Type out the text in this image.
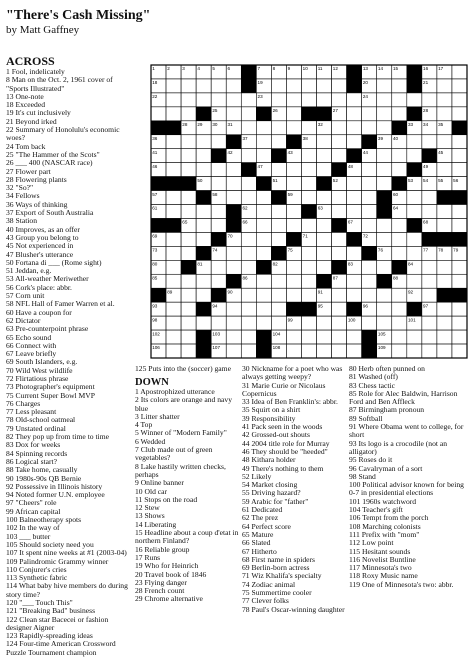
"There's Cash Missing"
by Matt Gaffney
ACROSS
1 Fool, indelicately
8 Man on the Oct. 2, 1961 cover of "Sports Illustrated"
13 One-note
18 Exceeded
19 It's cut inclusively
21 Beyond irked
22 Summary of Honolulu's economic woes?
24 Tom back
25 "The Hammer of the Scots"
26 ___ 400 (NASCAR race)
27 Flower part
28 Flowering plants
32 "So?"
34 Fellows
36 Ways of thinking
37 Export of South Australia
38 Station
40 Improves, as an offer
43 Group you belong to
45 Not experienced in
47 Blusher's utterance
50 Fortana di ___ (Rome sight)
51 Jeddan, e.g.
53 All-weather Meriwether
56 Cork's place: abbr.
57 Corn unit
58 NFL Hall of Famer Warren et al.
60 Have a coupon for
62 Dictator
63 Pre-counterpoint phrase
65 Echo sound
66 Connect with
67 Leave briefly
69 South Islanders, e.g.
70 Wild West wildlife
72 Flirtatious phrase
73 Photographer's equipment
75 Current Super Bowl MVP
76 Charges
77 Less pleasant
78 Old-school oatmeal
79 Unstated ordinal
82 They pop up from time to time
83 Dox for weeks
84 Spinning records
86 Logical start?
88 Take home, casually
90 1980s-90s QB Bernie
92 Possessive in Illinois history
94 Noted former U.N. employee
97 "Cheers" role
99 African capital
100 Balneotherapy spots
102 In the way of
103 ___ butter
105 Should society need you
107 It spent nine weeks at #1 (2003-04)
109 Palindromic Grammy winner
110 Conjurer's cries
113 Synthetic fabric
114 What baby hive members do during story time?
120 "___ Touch This"
121 "Breaking Bad" business
122 Clean star Bacecei or fashion designer Aigner
123 Rapidly-spreading ideas
124 Four-time American Crossword Puzzle Tournament champion
1	2	3	4	5	6	7	8	9	10 11 12	13 14 15	16 17
18	19	20	21
22	23	24
25	26	27	28
28 29 30 31	32	33 34 35
36	37	38	39 40
41	42	43	44	45
46	47	48	49
50	51	52	53 54 55 56
57	58	59	60
61	62	63	64
65	66	67	68
69	70	71	72
73	74	75	76	77 78 79
80	81	82	83	84
85	86	87	88
89	90	91	92
93	94	95	96	97
98	99	100	101
102	103	104	105
106	107	108	109
125 Puts into the (soccer) game
DOWN
1 Apostrophized utterance
2 Its colors are orange and navy blue
3 Litter shatter
4 Top
5 Winner of "Modern Family"
6 Wedded
7 Club made out of green vegetables?
8 Lake hastily written checks, perhaps
9 Online banner
10 Old car
11 Stops on the road
12 Stew
13 Shows
14 Liberating
15 Headline about a coup d'etat in northern Finland?
16 Reliable group
17 Runs
19 Who for Heinrich
20 Travel book of 1846
23 Flying danger
28 French count
29 Chrome alternative
30 Nickname for a poet who was always getting weepy?
31 Marie Curie or Nicolaus Copernicus
33 Idea of Ben Franklin's: abbr.
35 Squirt on a shirt
39 Responsibility
41 Pack seen in the woods
42 Grossed-out shouts
44 2004 title role for Murray
46 They should be "heeded"
48 Kithara holder
49 There's nothing to them
52 Likely
54 Market closing
55 Driving hazard?
59 Arabic for "father"
61 Dedicated
62 The prez
64 Perfect score
65 Mature
66 Slated
67 Hitherto
68 First name in spiders
69 Berlin-born actress
71 Wiz Khalifa's specialty
74 Zodiac animal
75 Summertime cooler
77 Clever folks
78 Paul's Oscar-winning daughter
80 Herb often punned on
81 Washed (off)
83 Chess tactic
85 Role for Alec Baldwin, Harrison Ford and Ben Affleck
87 Birmingham pronoun
89 Softball
91 Where Obama went to college, for short
93 Its logo is a crocodile (not an alligator)
95 Roses do it
96 Cavalryman of a sort
98 Stand
100 Political advisor known for being 0-7 in presidential elections
101 1960s watchword
104 Teacher's gift
106 Tempt from the porch
108 Marching colonists
111 Prefix with "mom"
112 Low point
115 Hesitant sounds
116 Novelist Buntline
117 Minnesota's two
118 Roxy Music name
119 One of Minnesota's two: abbr.
